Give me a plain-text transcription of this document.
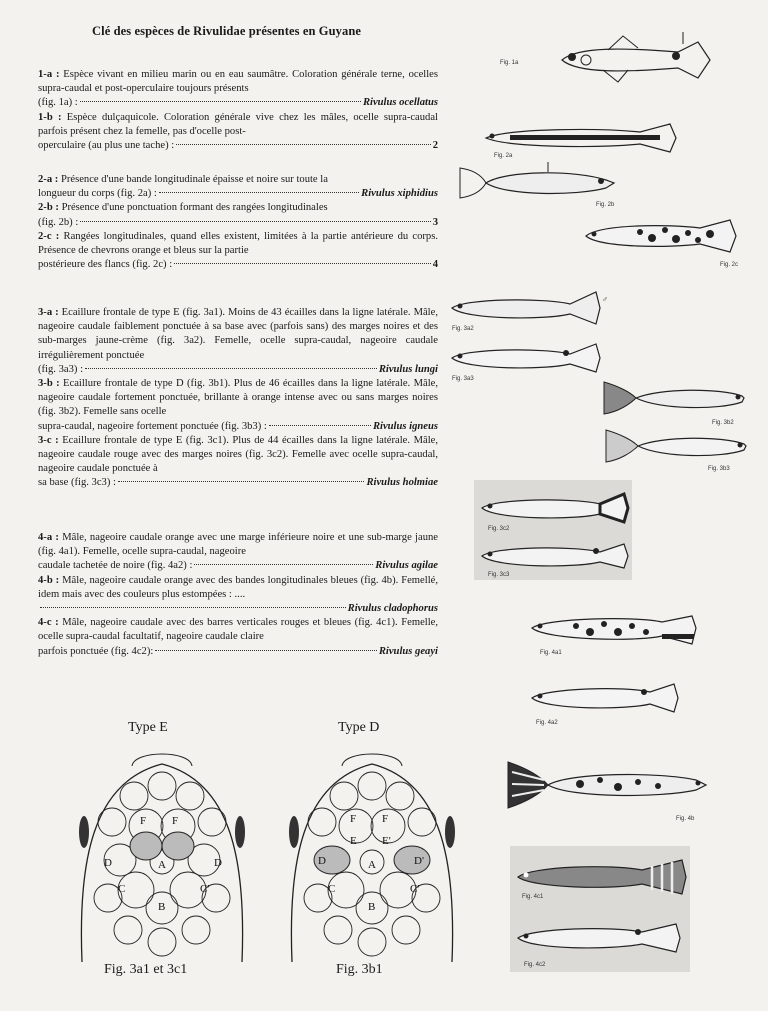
Clé des espèces de Rivulidae présentes en Guyane

1-a : Espèce vivant en milieu marin ou en eau saumâtre. Coloration générale terne, ocelles supra-caudal et post-operculaire toujours présents

(fig. 1a) :	Rivulus ocellatus

1-b : Espèce dulçaquicole. Coloration générale vive chez les mâles, ocelle supra-caudal parfois présent chez la femelle, pas d'ocelle post-

operculaire (au plus une tache) :	2

2-a : Présence d'une bande longitudinale épaisse et noire sur toute la

longueur du corps (fig. 2a) :	Rivulus xiphidius

2-b : Présence d'une ponctuation formant des rangées longitudinales

(fig. 2b) :	3

2-c : Rangées longitudinales, quand elles existent, limitées à la partie antérieure du corps. Présence de chevrons orange et bleus sur la partie

postérieure des flancs (fig. 2c) :	4

3-a : Ecaillure frontale de type E (fig. 3a1). Moins de 43 écailles dans la ligne latérale. Mâle, nageoire caudale faiblement ponctuée à sa base avec (parfois sans) des marges noires et des sub-marges jaune-crème (fig. 3a2). Femelle, ocelle supra-caudal, nageoire caudale irrégulièrement ponctuée

(fig. 3a3) :	Rivulus lungi

3-b : Ecaillure frontale de type D (fig. 3b1). Plus de 46 écailles dans la ligne latérale. Mâle, nageoire caudale fortement ponctuée, brillante à orange intense avec ou sans marges noires (fig. 3b2). Femelle sans ocelle

supra-caudal, nageoire fortement ponctuée (fig. 3b3) :	Rivulus igneus

3-c : Ecaillure frontale de type E (fig. 3c1). Plus de 44 écailles dans la ligne latérale. Mâle, nageoire caudale rouge avec des marges noires (fig. 3c2). Femelle avec ocelle supra-caudal, nageoire caudale ponctuée à

sa base (fig. 3c3) :	Rivulus holmiae

4-a : Mâle, nageoire caudale orange avec une marge inférieure noire et une sub-marge jaune (fig. 4a1). Femelle, ocelle supra-caudal, nageoire

caudale tachetée de noire (fig. 4a2) :	Rivulus agilae

4-b : Mâle, nageoire caudale orange avec des bandes longitudinales bleues (fig. 4b). Femellé, idem mais avec des couleurs plus estompées : ....

Rivulus cladophorus

4-c : Mâle, nageoire caudale avec des barres verticales rouges et bleues (fig. 4c1). Femelle, ocelle supra-caudal facultatif, nageoire caudale claire

parfois ponctuée (fig. 4c2):	Rivulus geayi
Fig. 1a
Fig. 2a
Fig. 2b
Fig. 2c
♂
Fig. 3a2
Fig. 3a3
Fig. 3b2
Fig. 3b3
Fig. 3c2
Fig. 3c3
Fig. 4a1
Fig. 4a2
Fig. 4b
Fig. 4c1
Fig. 4c2
Type E	Type D
F F
D	D
A
C	C'
B
F F
E E'
D	D'
A
C	C'
B
Fig. 3a1 et 3c1	Fig. 3b1
